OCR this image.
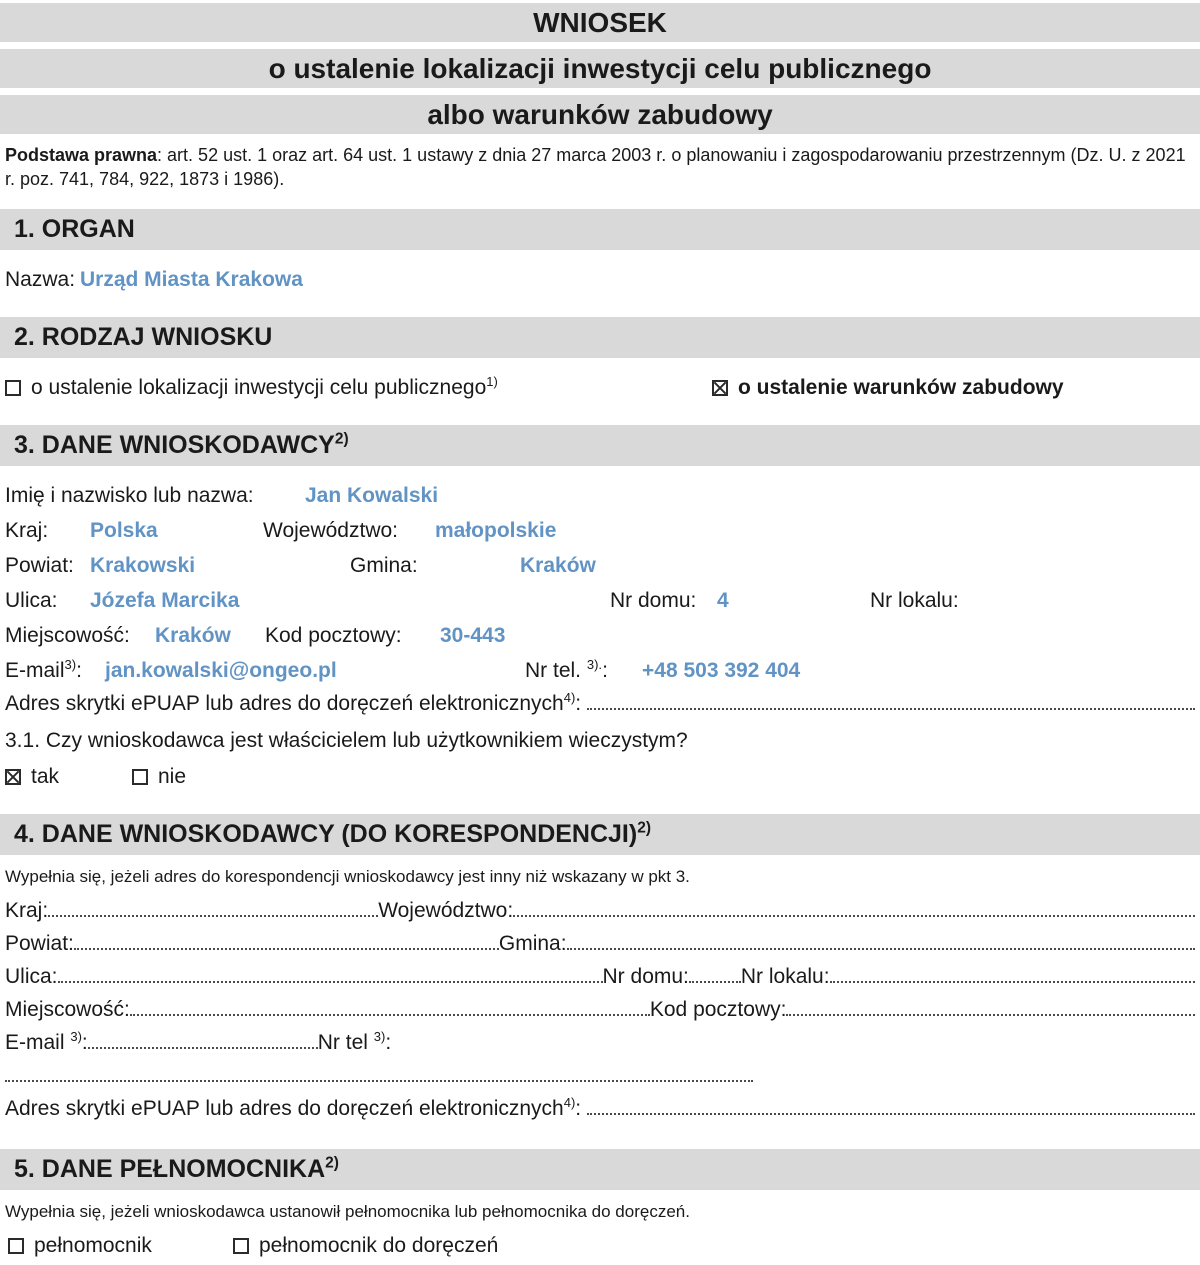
WNIOSEK
o ustalenie lokalizacji inwestycji celu publicznego
albo warunków zabudowy

Podstawa prawna: art. 52 ust. 1 oraz art. 64 ust. 1 ustawy z dnia 27 marca 2003 r. o planowaniu i zagospodarowaniu przestrzennym (Dz. U. z 2021 r. poz. 741, 784, 922, 1873 i 1986).

1. ORGAN
Nazwa: Urząd Miasta Krakowa
2. RODZAJ WNIOSKU
o ustalenie lokalizacji inwestycji celu publicznego$^{1)}$	o ustalenie warunków zabudowy
3. DANE WNIOSKODAWCY$^{2)}$
Imię i nazwisko lub nazwa: Jan Kowalski
Kraj: Polska	Województwo: małopolskie
Powiat: Krakowski	Gmina:	Kraków
Ulica: Józefa Marcika	Nr domu: 4	Nr lokalu:
Miejscowość: Kraków Kod pocztowy: 30-443
E-mail$^{3)}$: jan.kowalski@ongeo.pl	Nr tel. $^{3).}$: +48 503 392 404
Adres skrytki ePUAP lub adres do doręczeń elektronicznych$^{4)}$:
3.1. Czy wnioskodawca jest właścicielem lub użytkownikiem wieczystym?
tak	nie
4. DANE WNIOSKODAWCY (DO KORESPONDENCJI)$^{2)}$

Wypełnia się, jeżeli adres do korespondencji wnioskodawcy jest inny niż wskazany w pkt 3.

Kraj:	Województwo:
Powiat:	Gmina:
Ulica:	Nr domu: Nr lokalu:
Miejscowość:	Kod pocztowy:
E-mail $^{3)}$:	Nr tel $^{3)}$:
Adres skrytki ePUAP lub adres do doręczeń elektronicznych$^{4)}$:
5. DANE PEŁNOMOCNIKA$^{2)}$

Wypełnia się, jeżeli wnioskodawca ustanowił pełnomocnika lub pełnomocnika do doręczeń.

pełnomocnik	pełnomocnik do doręczeń
